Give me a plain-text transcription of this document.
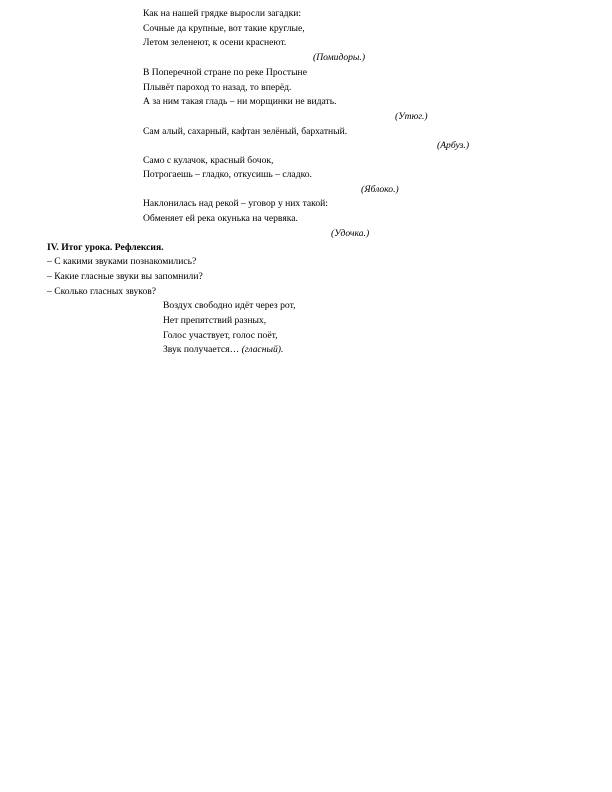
Как на нашей грядке выросли загадки:
Сочные да крупные, вот такие круглые,
Летом зеленеют, к осени краснеют.
(Помидоры.)
В Поперечной стране по реке Простыне
Плывёт пароход то назад, то вперёд.
А за ним такая гладь – ни морщинки не видать.
(Утюг.)
Сам алый, сахарный, кафтан зелёный, бархатный.
(Арбуз.)
Само с кулачок, красный бочок,
Потрогаешь – гладко, откусишь – сладко.
(Яблоко.)
Наклонилась над рекой – уговор у них такой:
Обменяет ей река окунька на червяка.
(Удочка.)
IV. Итог урока. Рефлексия.
– С какими звуками познакомились?
– Какие гласные звуки вы запомнили?
– Сколько гласных звуков?
Воздух свободно идёт через рот,
Нет препятствий разных,
Голос участвует, голос поёт,
Звук получается… (гласный).
